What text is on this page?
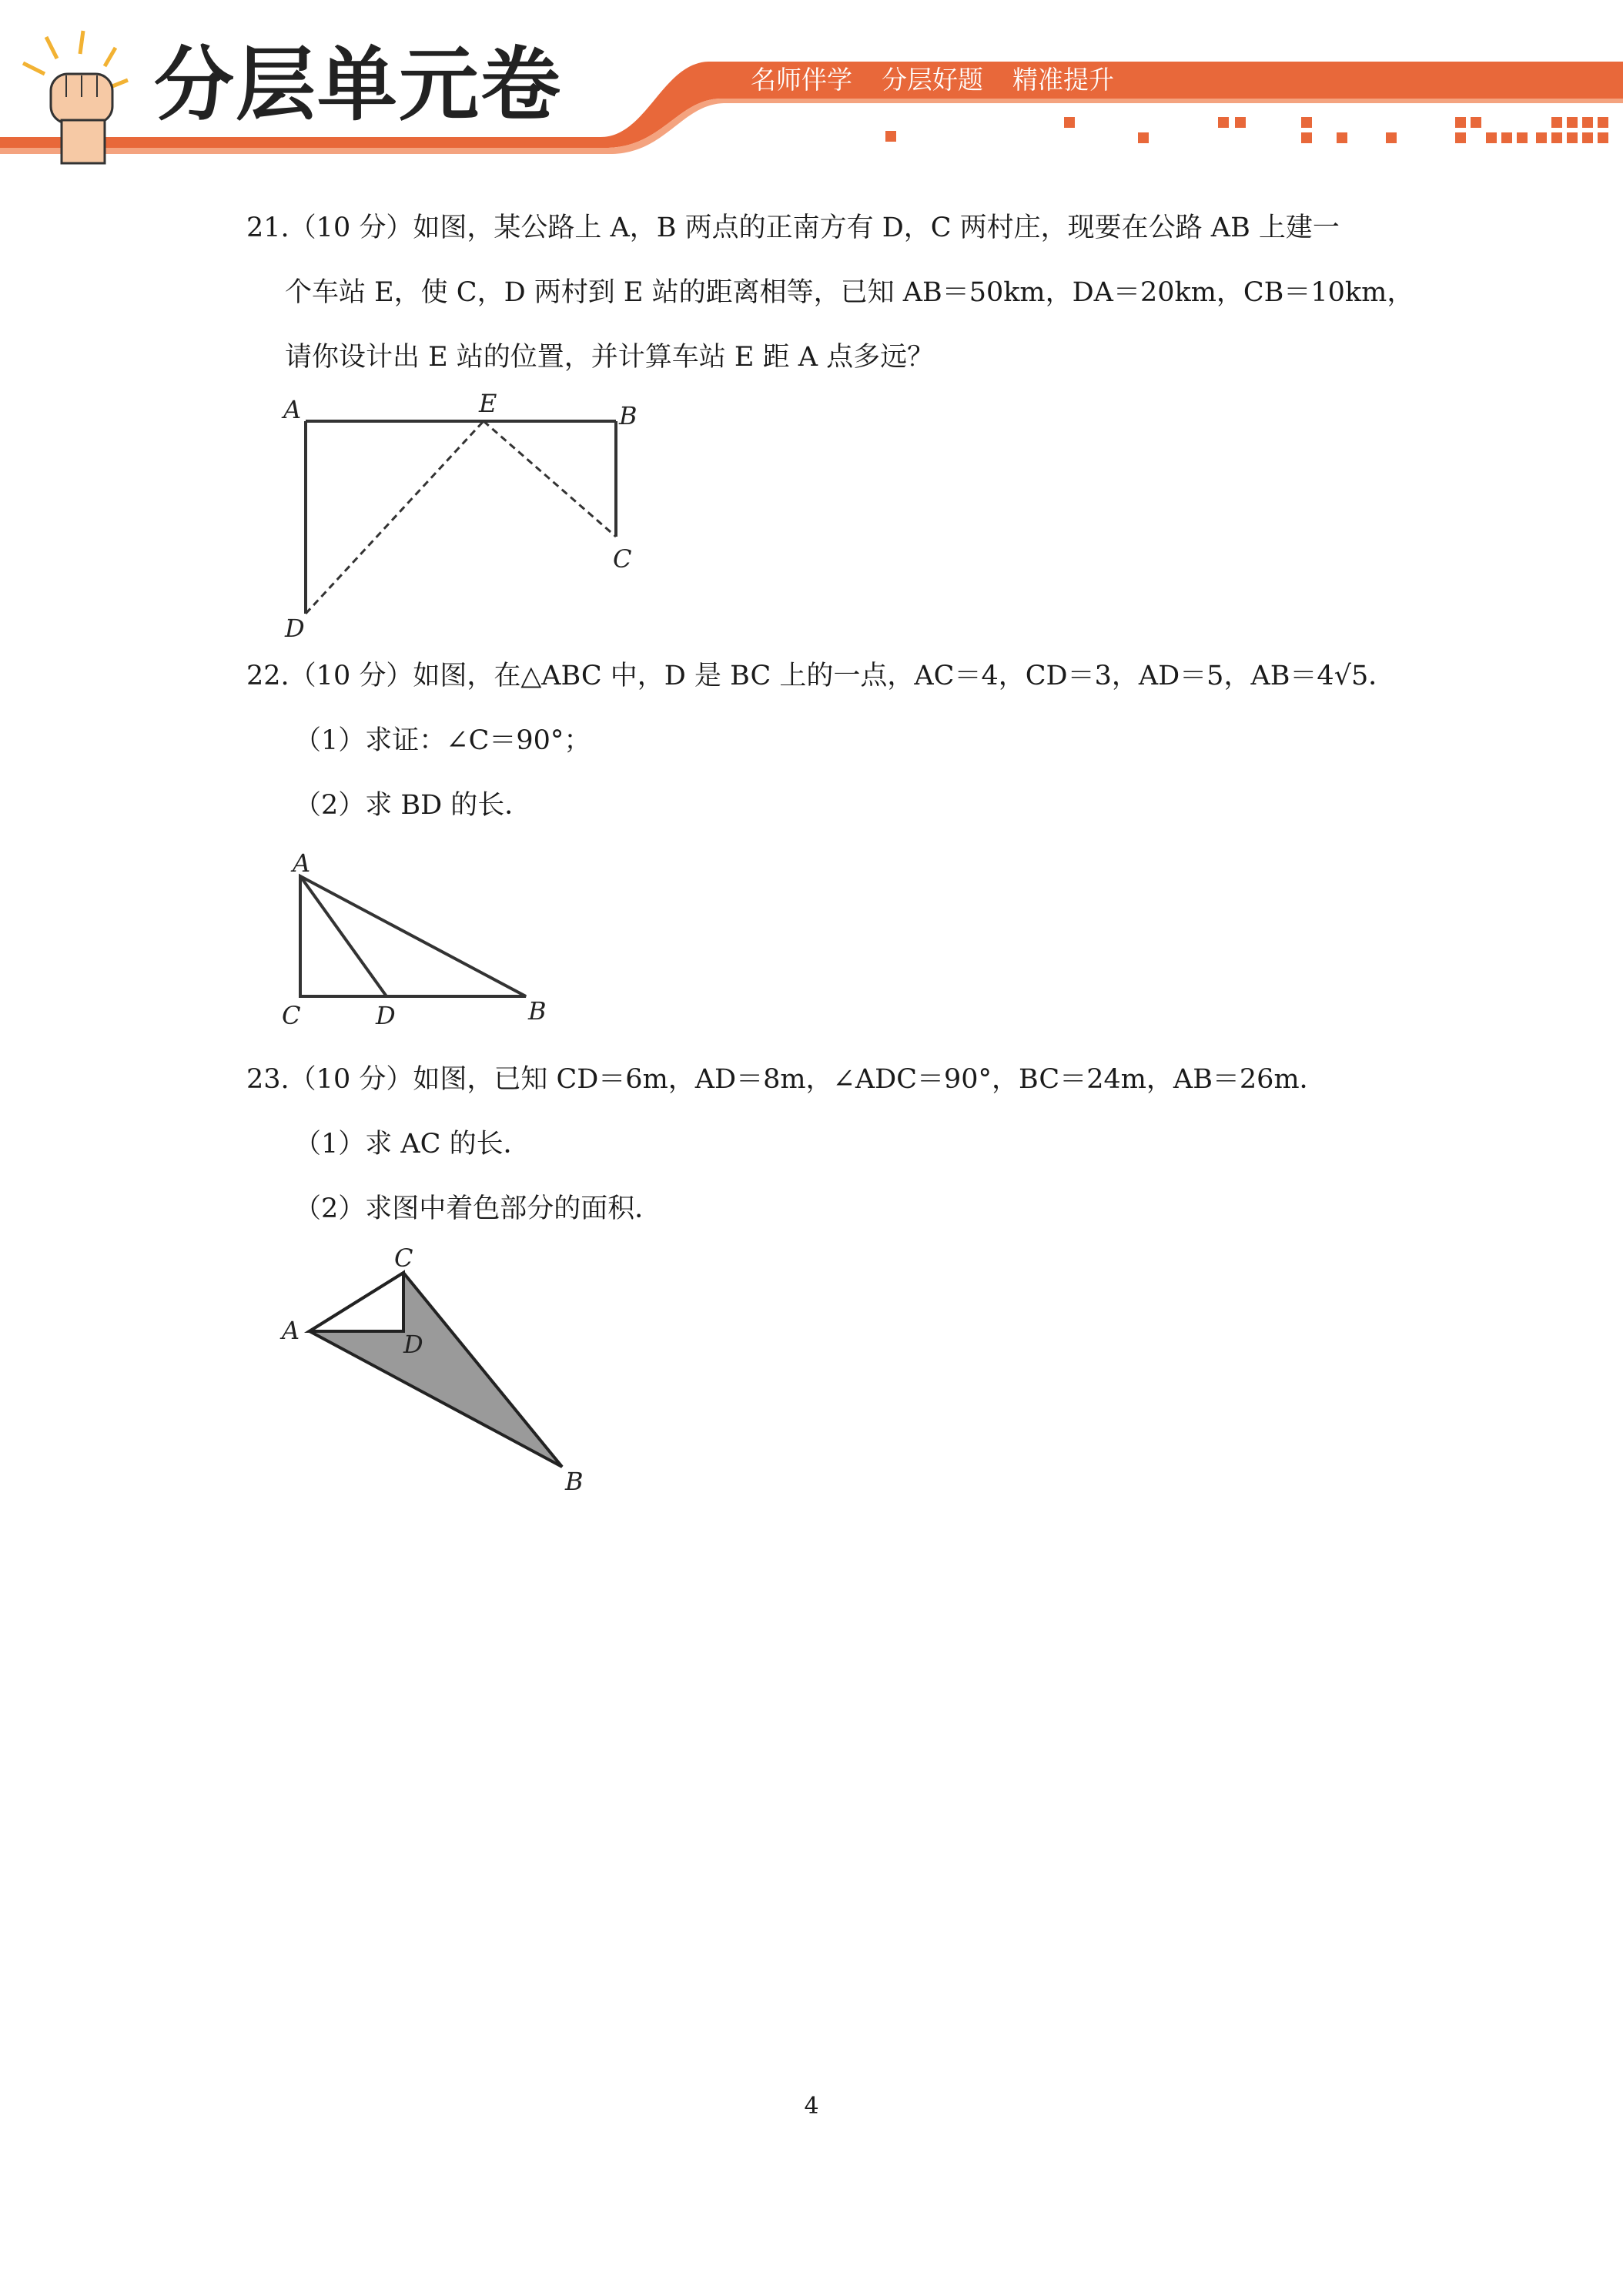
分层单元卷	名师伴学 分层好题 精准提升
21.（10 分）如图，某公路上 A，B 两点的正南方有 D，C 两村庄，现要在公路 AB 上建一
个车站 E，使 C，D 两村到 E 站的距离相等，已知 AB＝50km，DA＝20km，CB＝10km，
请你设计出 E 站的位置，并计算车站 E 距 A 点多远？
A	E	B
C
D
22.（10 分）如图，在△ABC 中，D 是 BC 上的一点，AC＝4，CD＝3，AD＝5，AB＝4√5．
（1）求证：∠C＝90°；
（2）求 BD 的长．
A
C	D	B
23.（10 分）如图，已知 CD＝6m，AD＝8m，∠ADC＝90°，BC＝24m，AB＝26m．
（1）求 AC 的长．
（2）求图中着色部分的面积．
C
A	D
B
4
